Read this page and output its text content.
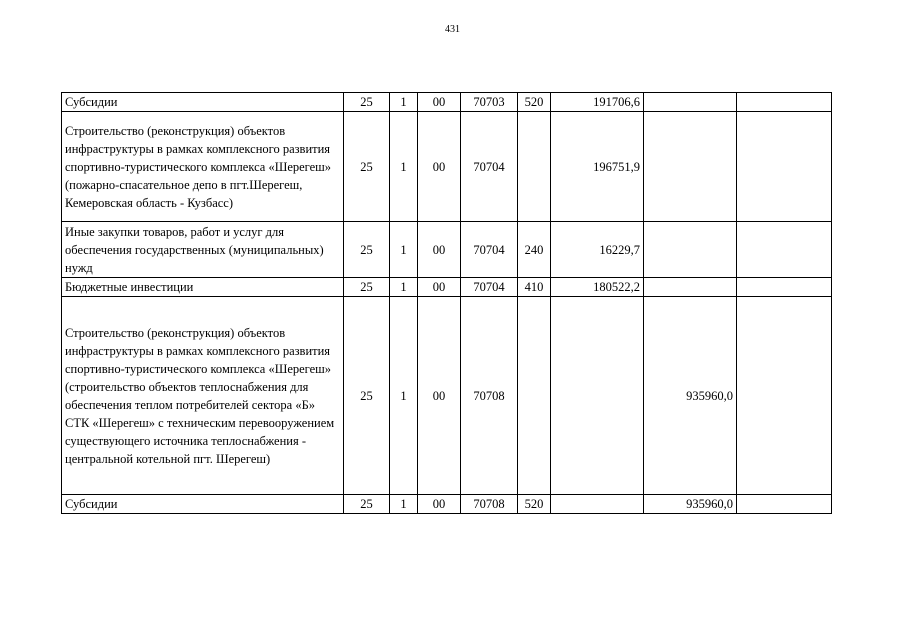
431
Субсидии	25	1	00	70703	520	191706,6		
Строительство (реконструкция) объектов инфраструктуры в рамках комплексного развития спортивно-туристического комплекса «Шерегеш» (пожарно-спасательное депо в пгт.Шерегеш, Кемеровская область - Кузбасс)	25	1	00	70704		196751,9		
Иные закупки товаров, работ и услуг для обеспечения государственных (муниципальных) нужд	25	1	00	70704	240	16229,7		
Бюджетные инвестиции	25	1	00	70704	410	180522,2		
Строительство (реконструкция) объектов инфраструктуры в рамках комплексного развития спортивно-туристического комплекса «Шерегеш» (строительство объектов теплоснабжения для обеспечения теплом потребителей сектора «Б» СТК «Шерегеш» с техническим перевооружением существующего источника теплоснабжения - центральной котельной пгт. Шерегеш)	25	1	00	70708			935960,0	
Субсидии	25	1	00	70708	520		935960,0	
